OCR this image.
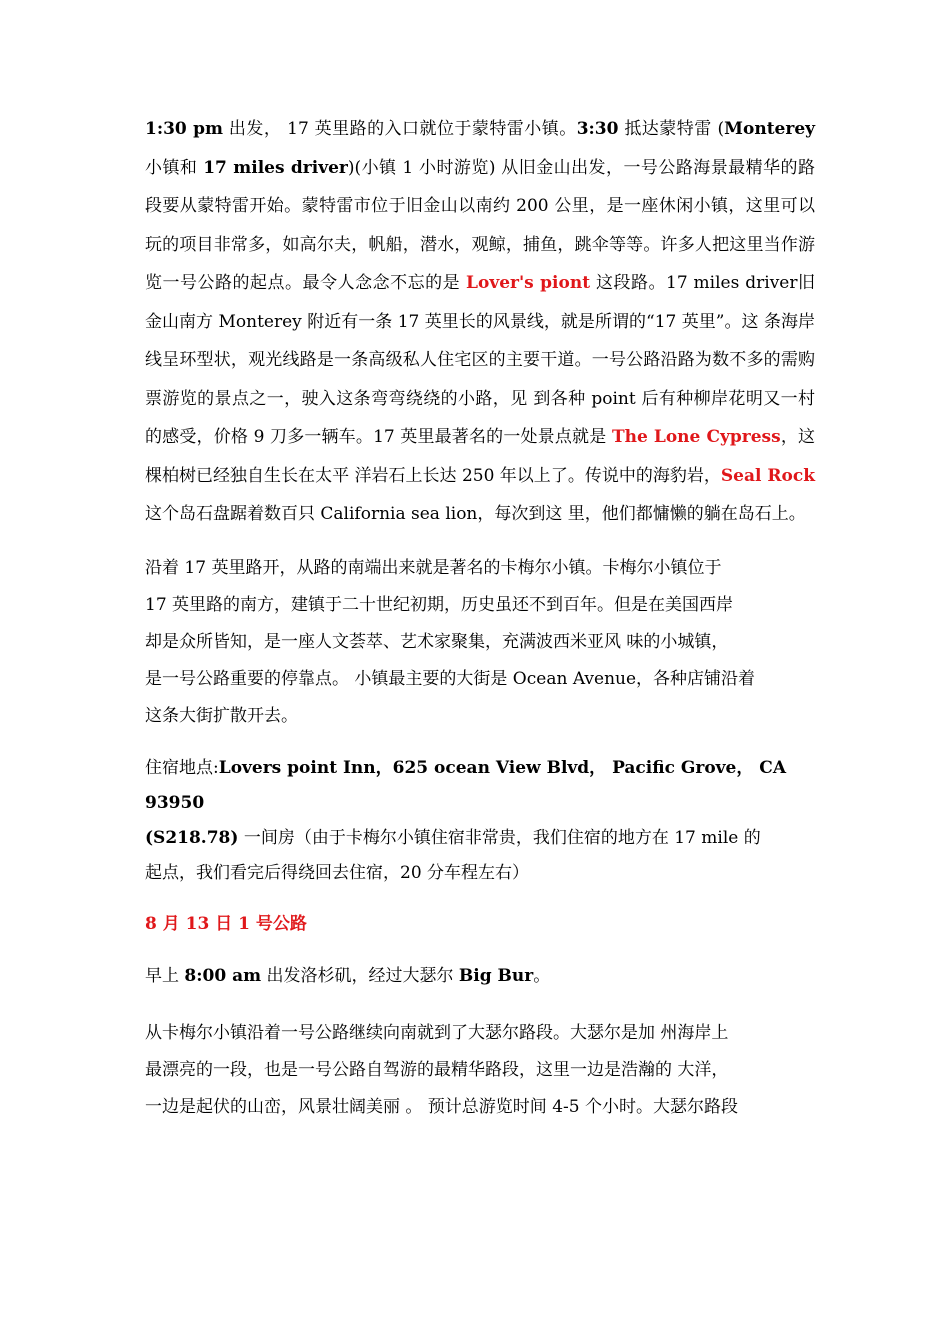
1:30 pm 出发， 17 英里路的入口就位于蒙特雷小镇。3:30 抵达蒙特雷 (Monterey 小镇和 17 miles driver)(小镇 1 小时游览) 从旧金山出发，一号公路海景最精华的路段要从蒙特雷开始。蒙特雷市位于旧金山以南约 200 公里，是一座休闲小镇，这里可以玩的项目非常多，如高尔夫，帆船，潜水，观鲸，捕鱼，跳伞等等。许多人把这里当作游览一号公路的起点。最令人念念不忘的是 Lover's piont 这段路。17 miles driver旧金山南方 Monterey 附近有一条 17 英里长的风景线，就是所谓的“17 英里”。这 条海岸线呈环型状，观光线路是一条高级私人住宅区的主要干道。一号公路沿路为数不多的需购票游览的景点之一，驶入这条弯弯绕绕的小路，见 到各种 point 后有种柳岸花明又一村的感受，价格 9 刀多一辆车。17 英里最著名的一处景点就是 The Lone Cypress，这棵柏树已经独自生长在太平 洋岩石上长达 250 年以上了。传说中的海豹岩，Seal Rock 这个岛石盘踞着数百只 California sea lion，每次到这 里，他们都慵懒的躺在岛石上。

沿着 17 英里路开，从路的南端出来就是著名的卡梅尔小镇。卡梅尔小镇位于
17 英里路的南方，建镇于二十世纪初期，历史虽还不到百年。但是在美国西岸
却是众所皆知，是一座人文荟萃、艺术家聚集，充满波西米亚风 味的小城镇，
是一号公路重要的停靠点。 小镇最主要的大街是 Ocean Avenue，各种店铺沿着
这条大街扩散开去。

住宿地点:Lovers point Inn，625 ocean View Blvd， Pacific Grove， CA 93950
(S218.78) 一间房（由于卡梅尔小镇住宿非常贵，我们住宿的地方在 17 mile 的
起点，我们看完后得绕回去住宿，20 分车程左右）

8 月 13 日 1 号公路

早上 8:00 am 出发洛杉矶，经过大瑟尔 Big Bur。

从卡梅尔小镇沿着一号公路继续向南就到了大瑟尔路段。大瑟尔是加 州海岸上
最漂亮的一段，也是一号公路自驾游的最精华路段，这里一边是浩瀚的 大洋，
一边是起伏的山峦，风景壮阔美丽 。 预计总游览时间 4-5 个小时。大瑟尔路段
